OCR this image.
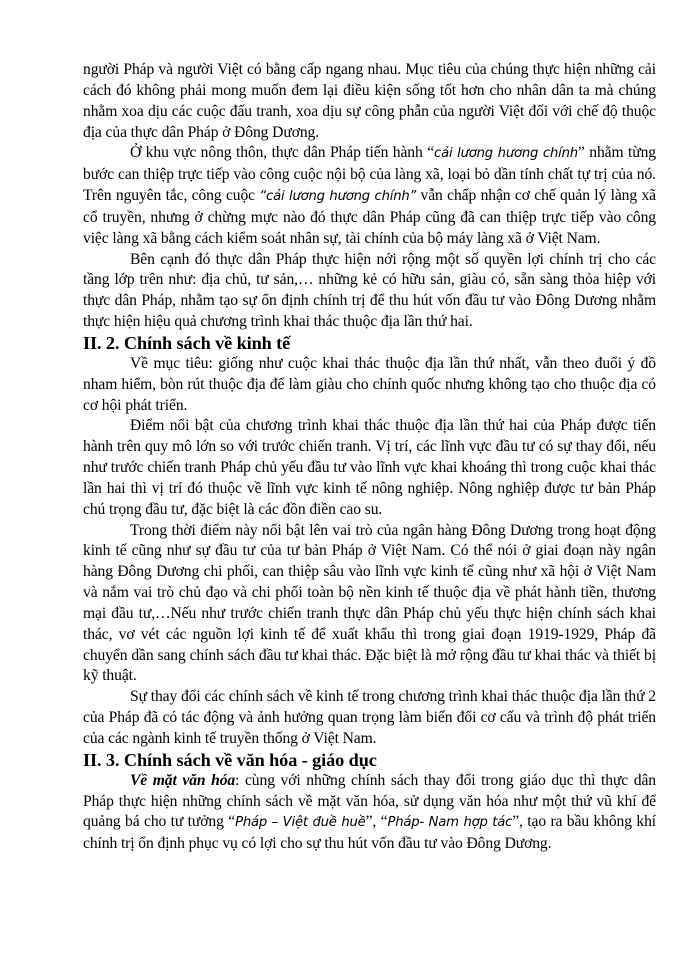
người Pháp và người Việt có bằng cấp ngang nhau. Mục tiêu của chúng thực hiện những cải cách đó không phải mong muốn đem lại điều kiện sống tốt hơn cho nhân dân ta mà chúng nhằm xoa dịu các cuộc đấu tranh, xoa dịu sự công phẫn của người Việt đối với chế độ thuộc địa của thực dân Pháp ở Đông Dương.

Ở khu vực nông thôn, thực dân Pháp tiến hành “cải lương hương chính” nhằm từng bước can thiệp trực tiếp vào công cuộc nội bộ của làng xã, loại bỏ dần tính chất tự trị của nó. Trên nguyên tắc, công cuộc “cải lương hương chính” vẫn chấp nhận cơ chế quản lý làng xã cổ truyền, nhưng ở chừng mực nào đó thực dân Pháp cũng đã can thiệp trực tiếp vào công việc làng xã bằng cách kiểm soát nhân sự, tài chính của bộ máy làng xã ở Việt Nam.

Bên cạnh đó thực dân Pháp thực hiện nới rộng một số quyền lợi chính trị cho các tầng lớp trên như: địa chủ, tư sản,… những kẻ có hữu sản, giàu có, sẵn sàng thỏa hiệp với thực dân Pháp, nhằm tạo sự ổn định chính trị để thu hút vốn đầu tư vào Đông Dương nhằm thực hiện hiệu quả chương trình khai thác thuộc địa lần thứ hai.

II. 2. Chính sách về kinh tế

Về mục tiêu: giống như cuộc khai thác thuộc địa lần thứ nhất, vẫn theo đuổi ý đồ nham hiểm, bòn rút thuộc địa để làm giàu cho chính quốc nhưng không tạo cho thuộc địa có cơ hội phát triển.

Điểm nổi bật của chương trình khai thác thuộc địa lần thứ hai của Pháp được tiến hành trên quy mô lớn so với trước chiến tranh. Vị trí, các lĩnh vực đầu tư có sự thay đổi, nếu như trước chiến tranh Pháp chủ yếu đầu tư vào lĩnh vực khai khoáng thì trong cuộc khai thác lần hai thì vị trí đó thuộc về lĩnh vực kinh tế nông nghiệp. Nông nghiệp được tư bản Pháp chú trọng đầu tư, đặc biệt là các đồn điền cao su.

Trong thời điểm này nổi bật lên vai trò của ngân hàng Đông Dương trong hoạt động kinh tế cũng như sự đầu tư của tư bản Pháp ở Việt Nam. Có thể nói ở giai đoạn này ngân hàng Đông Dương chi phối, can thiệp sâu vào lĩnh vực kinh tế cũng như xã hội ở Việt Nam và nắm vai trò chủ đạo và chi phối toàn bộ nền kinh tế thuộc địa về phát hành tiền, thương mại đầu tư,…Nếu như trước chiến tranh thực dân Pháp chủ yếu thực hiện chính sách khai thác, vơ vét các nguồn lợi kinh tế để xuất khẩu thì trong giai đoạn 1919-1929, Pháp đã chuyển dần sang chính sách đầu tư khai thác. Đặc biệt là mở rộng đầu tư khai thác và thiết bị kỹ thuật.

Sự thay đổi các chính sách về kinh tế trong chương trình khai thác thuộc địa lần thứ 2 của Pháp đã có tác động và ảnh hưởng quan trọng làm biến đổi cơ cấu và trình độ phát triển của các ngành kinh tế truyền thống ở Việt Nam.

II. 3. Chính sách về văn hóa - giáo dục

Về mặt văn hóa: cùng với những chính sách thay đổi trong giáo dục thì thực dân Pháp thực hiện những chính sách về mặt văn hóa, sử dụng văn hóa như một thứ vũ khí để quảng bá cho tư tưởng “Pháp – Việt đuề huề”, “Pháp- Nam hợp tác”, tạo ra bầu không khí chính trị ổn định phục vụ có lợi cho sự thu hút vốn đầu tư vào Đông Dương.
